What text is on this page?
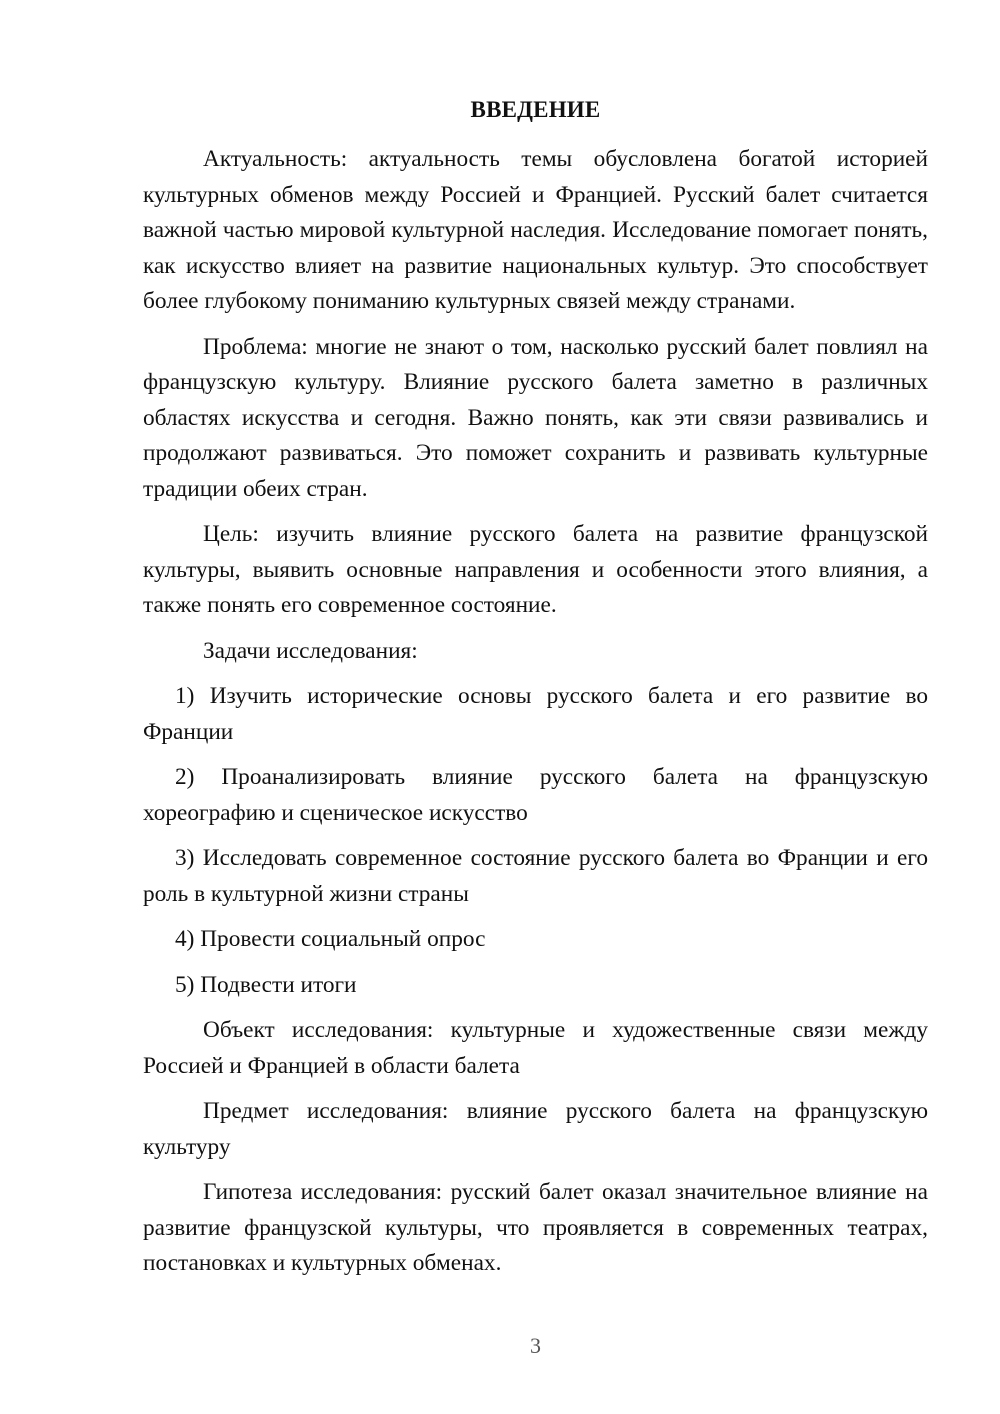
ВВЕДЕНИЕ

Актуальность: актуальность темы обусловлена богатой историей культурных обменов между Россией и Францией. Русский балет считается важной частью мировой культурной наследия. Исследование помогает понять, как искусство влияет на развитие национальных культур. Это способствует более глубокому пониманию культурных связей между странами.

Проблема: многие не знают о том, насколько русский балет повлиял на французскую культуру. Влияние русского балета заметно в различных областях искусства и сегодня. Важно понять, как эти связи развивались и продолжают развиваться. Это поможет сохранить и развивать культурные традиции обеих стран.

Цель: изучить влияние русского балета на развитие французской культуры, выявить основные направления и особенности этого влияния, а также понять его современное состояние.

Задачи исследования:

1) Изучить исторические основы русского балета и его развитие во Франции

2) Проанализировать влияние русского балета на французскую хореографию и сценическое искусство

3) Исследовать современное состояние русского балета во Франции и его роль в культурной жизни страны

4) Провести социальный опрос

5) Подвести итоги

Объект исследования: культурные и художественные связи между Россией и Францией в области балета

Предмет исследования: влияние русского балета на французскую культуру

Гипотеза исследования: русский балет оказал значительное влияние на развитие французской культуры, что проявляется в современных театрах, постановках и культурных обменах.

3
